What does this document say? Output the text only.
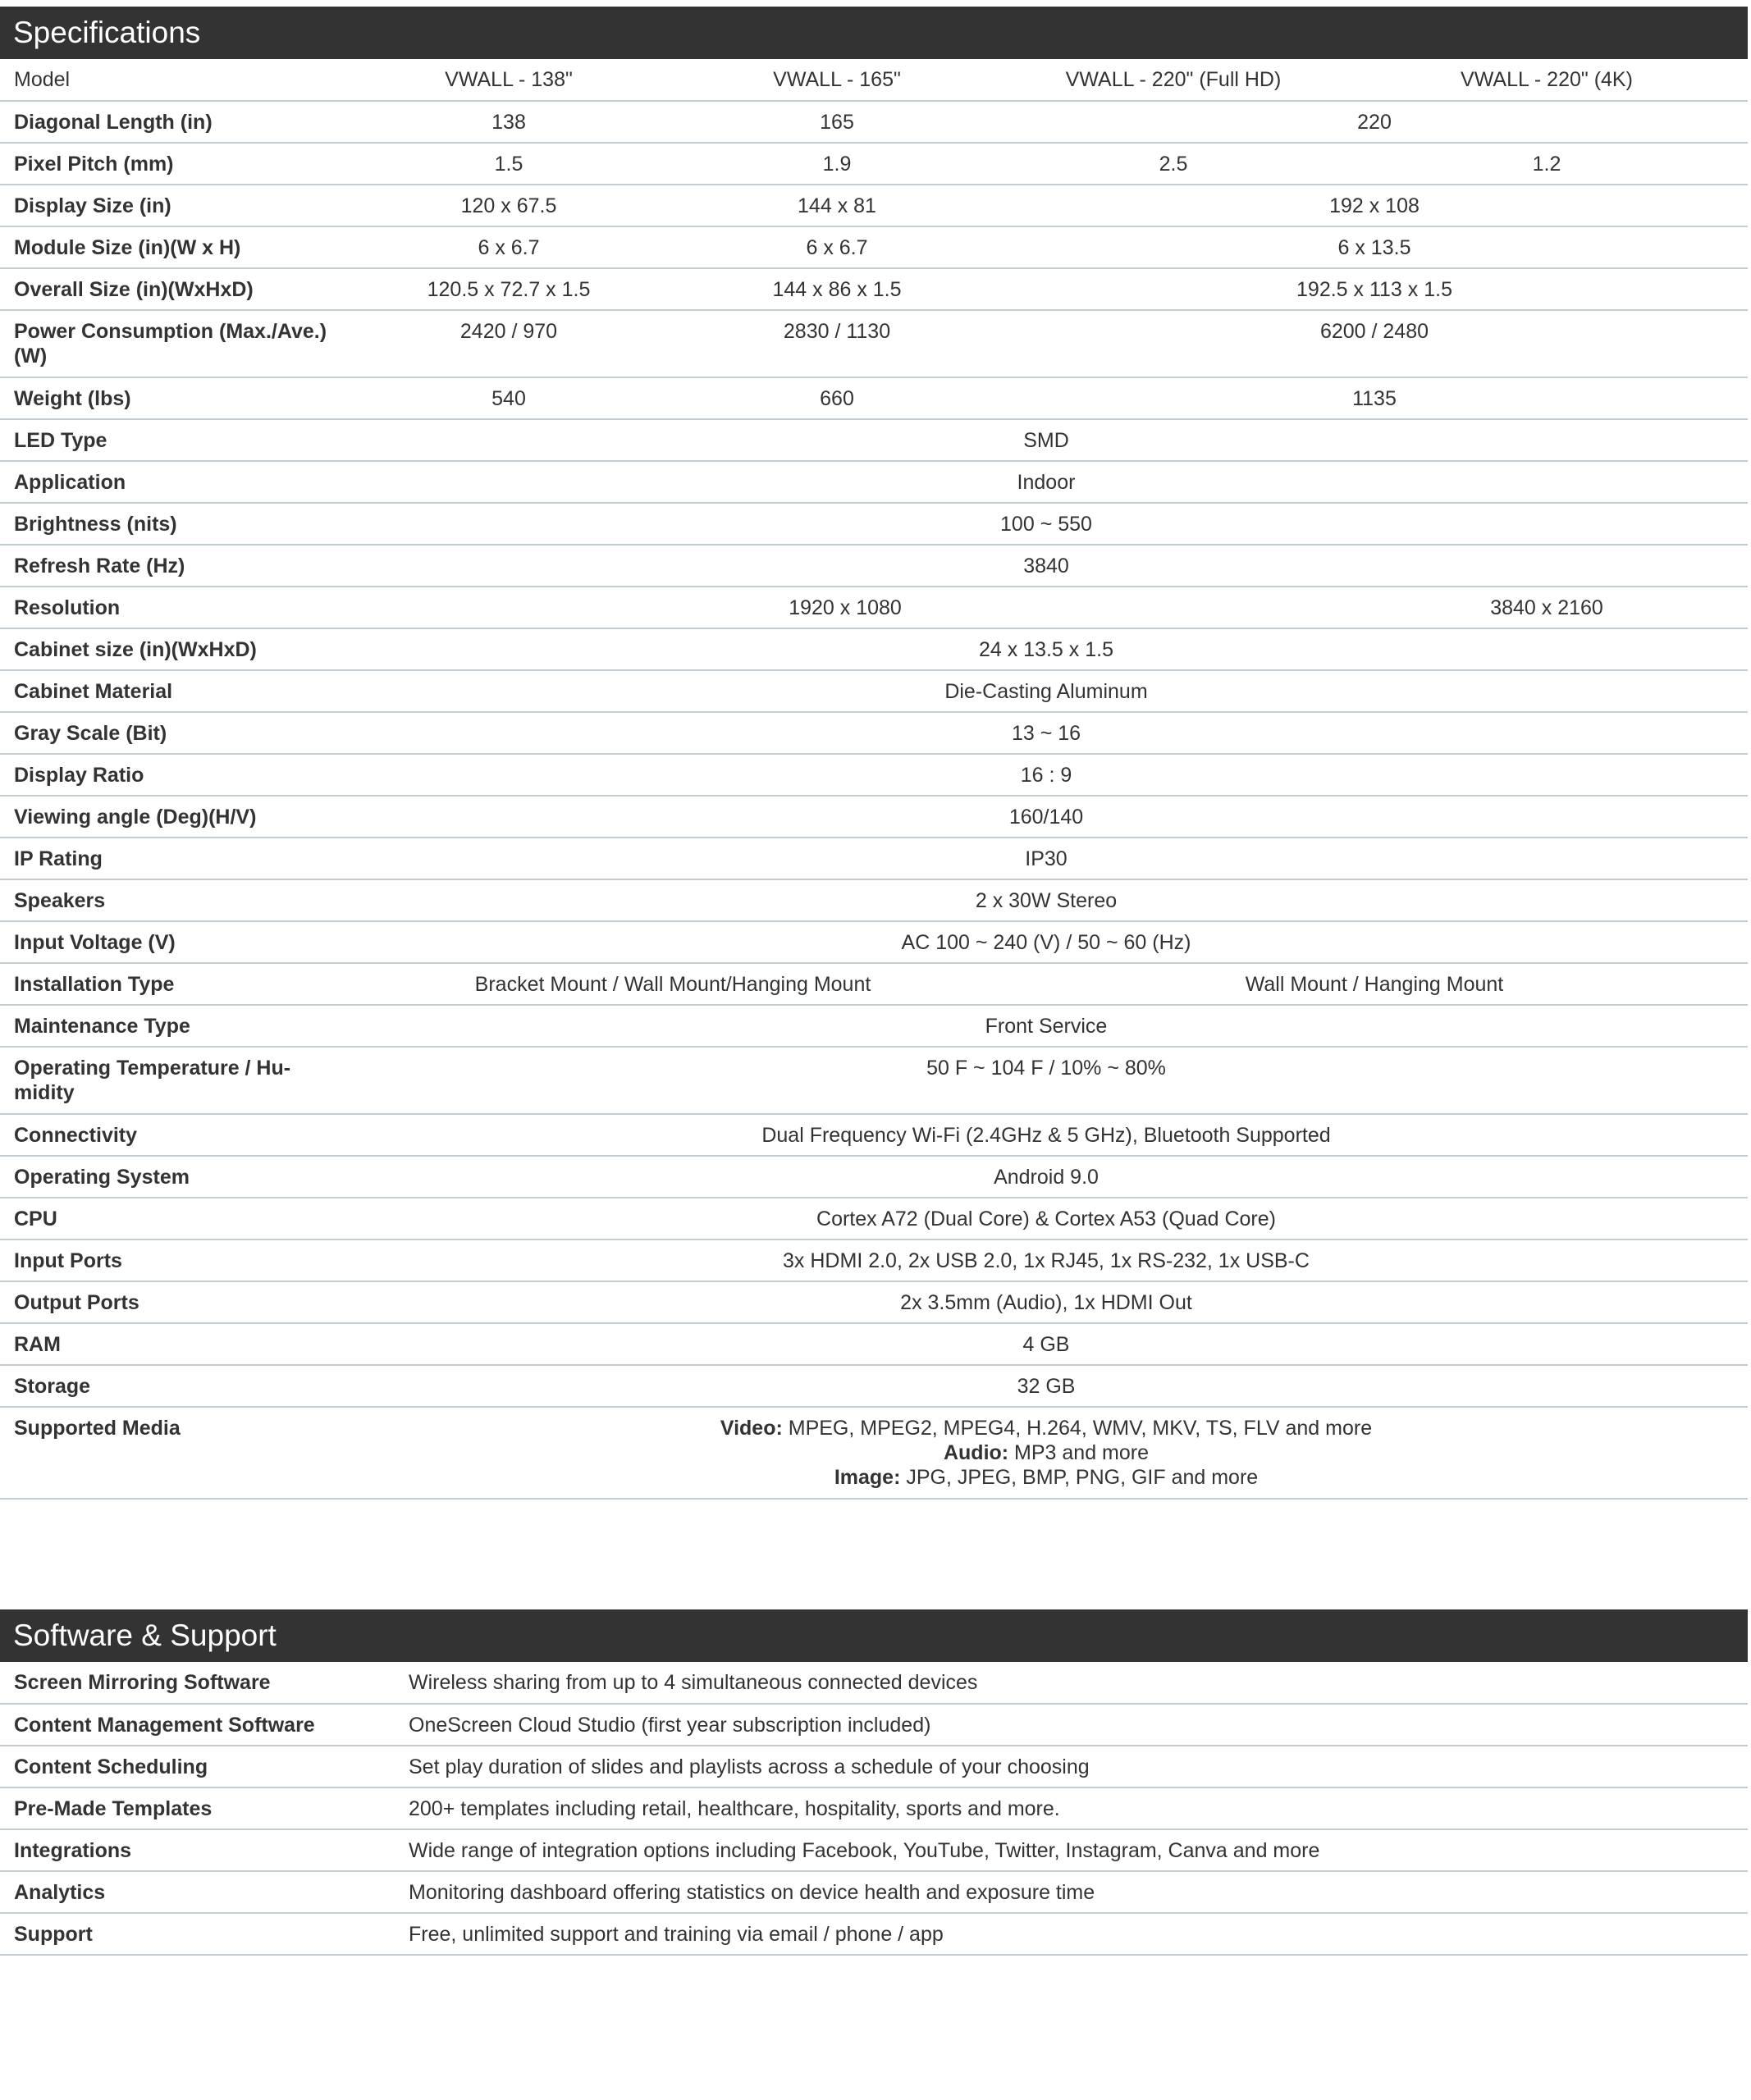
Specifications
Model	VWALL - 138"	VWALL - 165"	VWALL - 220" (Full HD)	VWALL - 220" (4K)
Diagonal Length (in)	138	165	220	
Pixel Pitch (mm)	1.5	1.9	2.5	1.2
Display Size (in)	120 x 67.5	144 x 81	192 x 108	
Module Size (in)(W x H)	6 x 6.7	6 x 6.7	6 x 13.5	
Overall Size (in)(WxHxD)	120.5 x 72.7 x 1.5	144 x 86 x 1.5	192.5 x 113 x 1.5	
Power Consumption (Max./Ave.) (W)	2420 / 970	2830 / 1130	6200 / 2480	
Weight (lbs)	540	660	1135	
LED Type	SMD			
Application	Indoor			
Brightness (nits)	100 ~ 550			
Refresh Rate (Hz)	3840			
Resolution	1920 x 1080			3840 x 2160
Cabinet size (in)(WxHxD)	24 x 13.5 x 1.5			
Cabinet Material	Die-Casting Aluminum			
Gray Scale (Bit)	13 ~ 16			
Display Ratio	16 : 9			
Viewing angle (Deg)(H/V)	160/140			
IP Rating	IP30			
Speakers	2 x 30W Stereo			
Input Voltage (V)	AC 100 ~ 240 (V) / 50 ~ 60 (Hz)			
Installation Type	Bracket Mount / Wall Mount/Hanging Mount		Wall Mount / Hanging Mount	
Maintenance Type	Front Service			
Operating Temperature / Hu-midity	50 F ~ 104 F / 10% ~ 80%			
Connectivity	Dual Frequency Wi-Fi (2.4GHz & 5 GHz), Bluetooth Supported			
Operating System	Android 9.0			
CPU	Cortex A72 (Dual Core) & Cortex A53 (Quad Core)			
Input Ports	3x HDMI 2.0, 2x USB 2.0, 1x RJ45, 1x RS-232, 1x USB-C			
Output Ports	2x 3.5mm (Audio), 1x HDMI Out			
RAM	4 GB			
Storage	32 GB			
Supported Media	Video: MPEG, MPEG2, MPEG4, H.264, WMV, MKV, TS, FLV and more
Audio: MP3 and more
Image: JPG, JPEG, BMP, PNG, GIF and more			
Software & Support
Screen Mirroring Software	Wireless sharing from up to 4 simultaneous connected devices
Content Management Software	OneScreen Cloud Studio (first year subscription included)
Content Scheduling	Set play duration of slides and playlists across a schedule of your choosing
Pre-Made Templates	200+ templates including retail, healthcare, hospitality, sports and more.
Integrations	Wide range of integration options including Facebook, YouTube, Twitter, Instagram, Canva and more
Analytics	Monitoring dashboard offering statistics on device health and exposure time
Support	Free, unlimited support and training via email / phone / app
